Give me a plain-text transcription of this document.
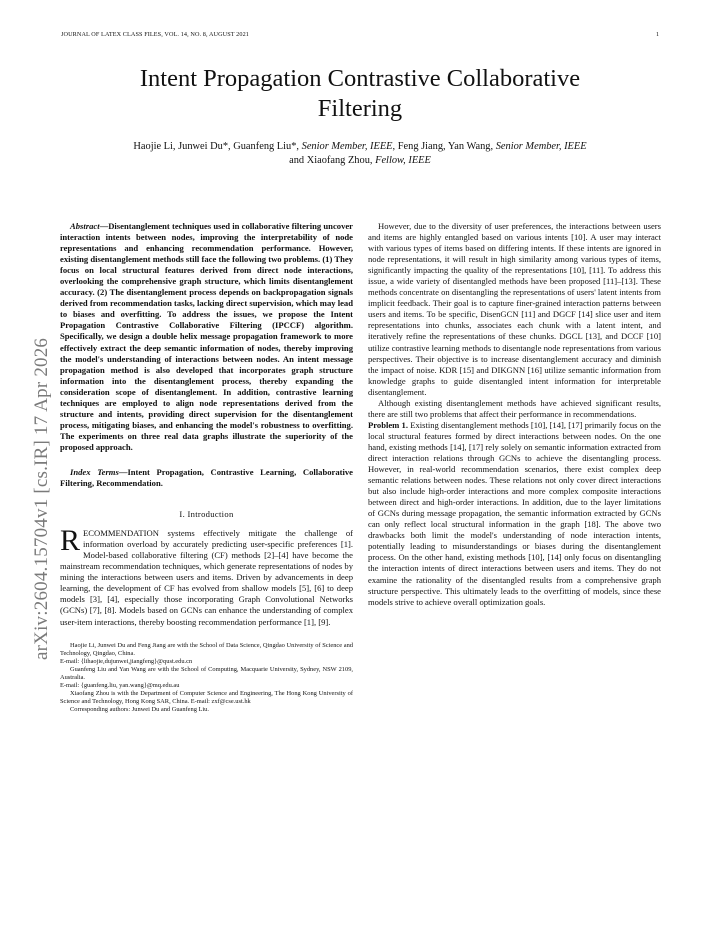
JOURNAL OF LATEX CLASS FILES, VOL. 14, NO. 8, AUGUST 2021	1
arXiv:2604.15704v1 [cs.IR] 17 Apr 2026
Intent Propagation Contrastive Collaborative
Filtering
Haojie Li, Junwei Du*, Guanfeng Liu*, Senior Member, IEEE, Feng Jiang, Yan Wang, Senior Member, IEEE
and Xiaofang Zhou, Fellow, IEEE

Abstract—Disentanglement techniques used in collaborative filtering uncover interaction intents between nodes, improving the interpretability of node representations and enhancing recommendation performance. However, existing disentanglement methods still face the following two problems. (1) They focus on local structural features derived from direct node interactions, overlooking the comprehensive graph structure, which limits disentanglement accuracy. (2) The disentanglement process depends on backpropagation signals derived from recommendation tasks, lacking direct supervision, which may lead to biases and overfitting. To address the issues, we propose the Intent Propagation Contrastive Collaborative Filtering (IPCCF) algorithm. Specifically, we design a double helix message propagation framework to more effectively extract the deep semantic information of nodes, thereby improving the model's understanding of interactions between nodes. An intent message propagation method is also developed that incorporates graph structure information into the disentanglement process, thereby expanding the consideration scope of disentanglement. In addition, contrastive learning techniques are employed to align node representations derived from the structure and intents, providing direct supervision for the disentanglement process, mitigating biases, and enhancing the model's robustness to overfitting. The experiments on three real data graphs illustrate the superiority of the proposed approach.

Index Terms—Intent Propagation, Contrastive Learning, Collaborative Filtering, Recommendation.

I. Introduction

RECOMMENDATION systems effectively mitigate the challenge of information overload by accurately predicting user-specific preferences [1]. Model-based collaborative filtering (CF) methods [2]–[4] have become the mainstream recommendation techniques, which generate representations of nodes by mining the interactions between users and items. Driven by advancements in deep learning, the development of CF has evolved from shallow models [5], [6] to deep models [3], [4], especially those incorporating Graph Convolutional Networks (GCNs) [7], [8]. Models based on GCNs can enhance the understanding of complex user-item interactions, thereby boosting recommendation performance [1], [9].

Haojie Li, Junwei Du and Feng Jiang are with the School of Data Science, Qingdao University of Science and Technology, Qingdao, China.

E-mail: {lihaojie,dujunwei,jiangfeng}@qust.edu.cn

Guanfeng Liu and Yan Wang are with the School of Computing, Macquarie University, Sydney, NSW 2109, Australia.

E-mail: {guanfeng.liu, yan.wang}@mq.edu.au

Xiaofang Zhou is with the Department of Computer Science and Engineering, The Hong Kong University of Science and Technology, Hong Kong SAR, China. E-mail: zxf@cse.ust.hk

Corresponding authors: Junwei Du and Guanfeng Liu.

However, due to the diversity of user preferences, the interactions between users and items are highly entangled based on various intents [10]. A user may interact with various types of items based on differing intents. If these intents are ignored in node representations, it will result in high similarity among various types of items, significantly impacting the quality of the representations [10], [11]. To address this issue, a wide variety of disentangled methods have been proposed [11]–[13]. These methods concentrate on disentangling the representations of users' latent intents from implicit feedback. Their goal is to capture finer-grained interaction patterns between users and items. To be specific, DisenGCN [11] and DGCF [14] slice user and item representations into chunks, associates each chunk with a latent intent, and iteratively refine the representations of these chunks. DGCL [13], and DCCF [10] utilize contrastive learning methods to disentangle node representations from various perspectives. Their objective is to increase disentanglement accuracy and diminish the impact of noise. KDR [15] and DIKGNN [16] utilize semantic information from knowledge graphs to guide disentangled intent information for interpretable disentanglement.

Although existing disentanglement methods have achieved significant results, there are still two problems that affect their performance in recommendations.

Problem 1. Existing disentanglement methods [10], [14], [17] primarily focus on the local structural features formed by direct interactions between nodes. On the one hand, existing methods [14], [17] rely solely on semantic information extracted from direct interaction relations through GCNs to achieve the disentangling process. However, in real-world recommendation scenarios, there exist complex deep semantic relations between nodes. These relations not only cover direct interactions but also include high-order interactions and more complex composite interactions between direct and high-order interactions. In addition, due to the layer limitations of GCNs during message propagation, the semantic information extracted by GCNs can only reflect local structural information in the graph [18]. The above two drawbacks both limit the model's understanding of node interaction intents, potentially leading to misunderstandings or biases during the disentanglement process. On the other hand, existing methods [10], [14] only focus on disentangling the interaction intents of direct interactions between users and items. They do not examine the rationality of the disentangled results from a comprehensive graph structure perspective. This ultimately leads to the overfitting of models, since these models strive to achieve overall optimization goals.
